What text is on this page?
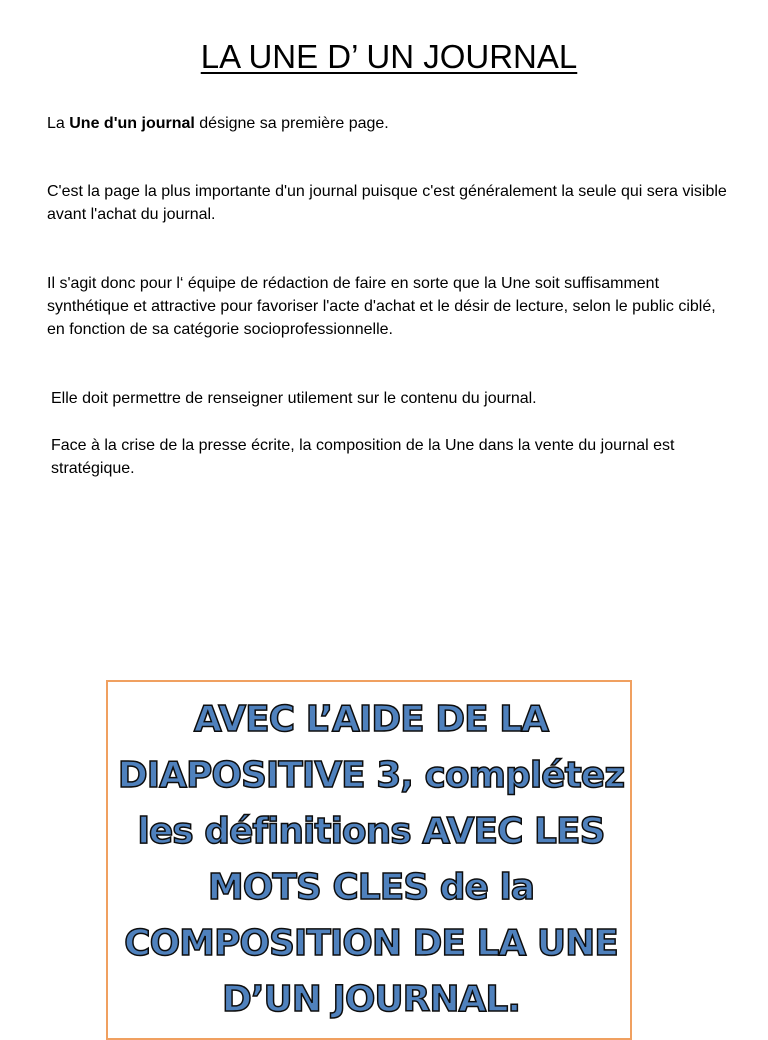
LA UNE D’ UN JOURNAL

La Une d'un journal désigne sa première page.

C'est la page la plus importante d'un journal puisque c'est généralement la seule qui sera visible avant l'achat du journal.

Il s'agit donc pour l‘ équipe de rédaction de faire en sorte que la Une soit suffisamment synthétique et attractive pour favoriser l'acte d'achat et le désir de lecture, selon le public ciblé, en fonction de sa catégorie socioprofessionnelle.

Elle doit permettre de renseigner utilement sur le contenu du journal.

Face à la crise de la presse écrite, la composition de la Une dans la vente du journal est stratégique.

AVEC L’AIDE DE LA
DIAPOSITIVE 3, complétez
les définitions AVEC LES
MOTS CLES de la
COMPOSITION DE LA UNE
D’UN JOURNAL.
